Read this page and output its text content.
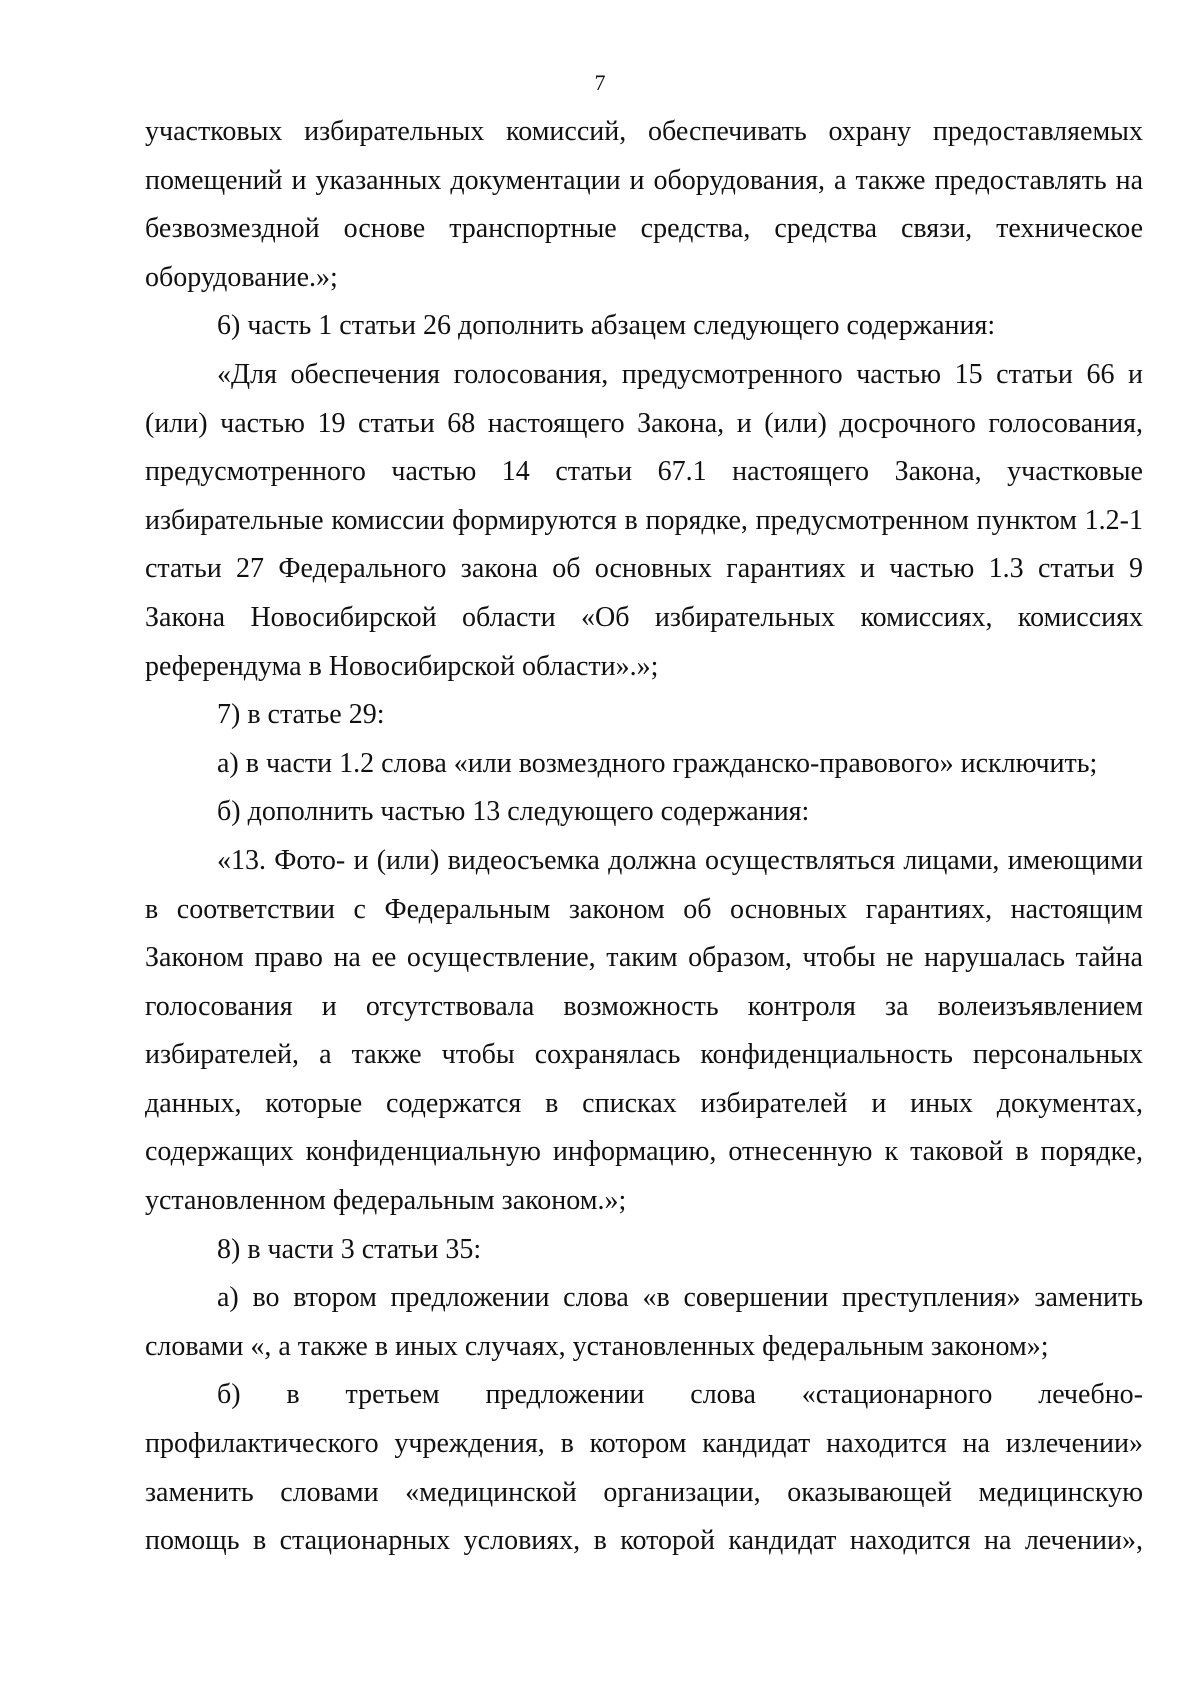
7

участковых избирательных комиссий, обеспечивать охрану предоставляемых помещений и указанных документации и оборудования, а также предоставлять на безвозмездной основе транспортные средства, средства связи, техническое оборудование.»;

6) часть 1 статьи 26 дополнить абзацем следующего содержания:

«Для обеспечения голосования, предусмотренного частью 15 статьи 66 и (или) частью 19 статьи 68 настоящего Закона, и (или) досрочного голосования, предусмотренного частью 14 статьи 67.1 настоящего Закона, участковые избирательные комиссии формируются в порядке, предусмотренном пунктом 1.2-1 статьи 27 Федерального закона об основных гарантиях и частью 1.3 статьи 9 Закона Новосибирской области «Об избирательных комиссиях, комиссиях референдума в Новосибирской области».»;

7) в статье 29:

а) в части 1.2 слова «или возмездного гражданско-правового» исключить;

б) дополнить частью 13 следующего содержания:

«13. Фото- и (или) видеосъемка должна осуществляться лицами, имеющими в соответствии с Федеральным законом об основных гарантиях, настоящим Законом право на ее осуществление, таким образом, чтобы не нарушалась тайна голосования и отсутствовала возможность контроля за волеизъявлением избирателей, а также чтобы сохранялась конфиденциальность персональных данных, которые содержатся в списках избирателей и иных документах, содержащих конфиденциальную информацию, отнесенную к таковой в порядке, установленном федеральным законом.»;

8) в части 3 статьи 35:

а) во втором предложении слова «в совершении преступления» заменить словами «, а также в иных случаях, установленных федеральным законом»;

б) в третьем предложении слова «стационарного лечебно-профилактического учреждения, в котором кандидат находится на излечении» заменить словами «медицинской организации, оказывающей медицинскую помощь в стационарных условиях, в которой кандидат находится на лечении»,
